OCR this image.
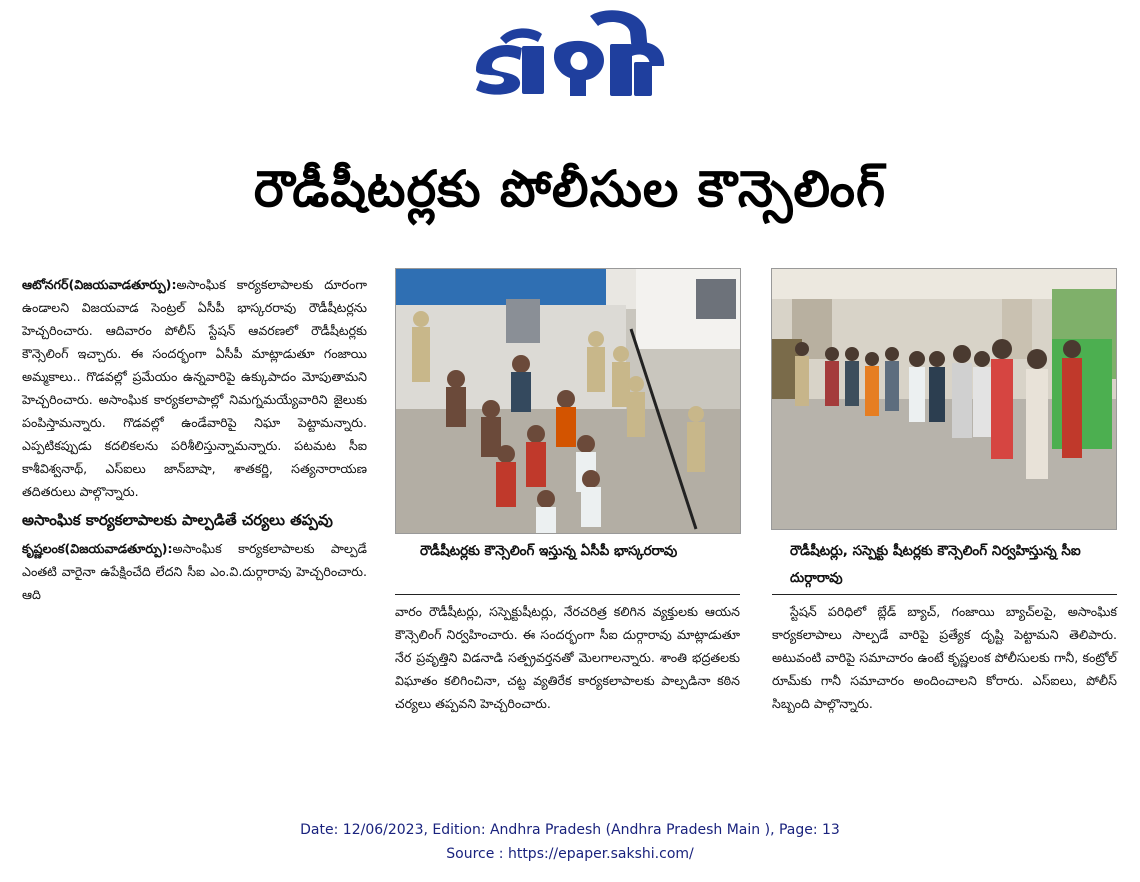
రౌడీషీటర్లకు పోలీసుల కౌన్సెలింగ్

ఆటోనగర్(విజయవాడతూర్పు):అసాంఘిక కార్యకలాపాలకు దూరంగా ఉండాలని విజయవాడ సెంట్రల్ ఏసీపీ భాస్కరరావు రౌడీషీటర్లను హెచ్చరించారు. ఆదివారం పోలీస్ స్టేషన్ ఆవరణలో రౌడీషీటర్లకు కౌన్సెలింగ్ ఇచ్చారు. ఈ సందర్భంగా ఏసీపీ మాట్లాడుతూ గంజాయి అమ్మకాలు.. గొడవల్లో ప్రమేయం ఉన్నవారిపై ఉక్కుపాదం మోపుతామని హెచ్చరించారు. అసాంఘిక కార్యకలాపాల్లో నిమగ్నమయ్యేవారిని జైలుకు పంపిస్తామన్నారు. గొడవల్లో ఉండేవారిపై నిఘా పెట్టామన్నారు. ఎప్పటికప్పుడు కదలికలను పరిశీలిస్తున్నామన్నారు. పటమట సీఐ కాశీవిశ్వనాథ్, ఎస్ఐలు జాన్‌బాషా, శాతకర్ణి, సత్యనారాయణ తదితరులు పాల్గొన్నారు.

అసాంఘిక కార్యకలాపాలకు పాల్పడితే చర్యలు తప్పవు

కృష్ణలంక(విజయవాడతూర్పు):అసాంఘిక కార్యకలాపాలకు పాల్పడే ఎంతటి వారైనా ఉపేక్షించేది లేదని సీఐ ఎం.వి.దుర్గారావు హెచ్చరించారు. ఆది

రౌడీషీటర్లకు కౌన్సెలింగ్ ఇస్తున్న ఏసీపీ భాస్కరరావు	రౌడీషీటర్లు, సస్పెక్టు షీటర్లకు కౌన్సెలింగ్ నిర్వహిస్తున్న సీఐ దుర్గారావు

వారం రౌడీషీటర్లు, సస్పెక్టుషీటర్లు, నేరచరిత్ర కలిగిన వ్యక్తులకు ఆయన కౌన్సెలింగ్ నిర్వహించారు. ఈ సందర్భంగా సీఐ దుర్గారావు మాట్లాడుతూ నేర ప్రవృత్తిని విడనాడి సత్ప్రవర్తనతో మెలగాలన్నారు. శాంతి భద్రతలకు విఘాతం కలిగించినా, చట్ట వ్యతిరేక కార్యకలాపాలకు పాల్పడినా కఠిన చర్యలు తప్పవని హెచ్చరించారు.

స్టేషన్ పరిధిలో బ్లేడ్ బ్యాచ్, గంజాయి బ్యాచ్‌లపై, అసాంఘిక కార్యకలాపాలు సాల్పడే వారిపై ప్రత్యేక దృష్టి పెట్టామని తెలిపారు. అటువంటి వారిపై సమాచారం ఉంటే కృష్ణలంక పోలీసులకు గానీ, కంట్రోల్ రూమ్‌కు గానీ సమాచారం అందించాలని కోరారు. ఎస్ఐలు, పోలీస్ సిబ్బంది పాల్గొన్నారు.

Date: 12/06/2023, Edition: Andhra Pradesh (Andhra Pradesh Main ), Page: 13
Source : https://epaper.sakshi.com/
